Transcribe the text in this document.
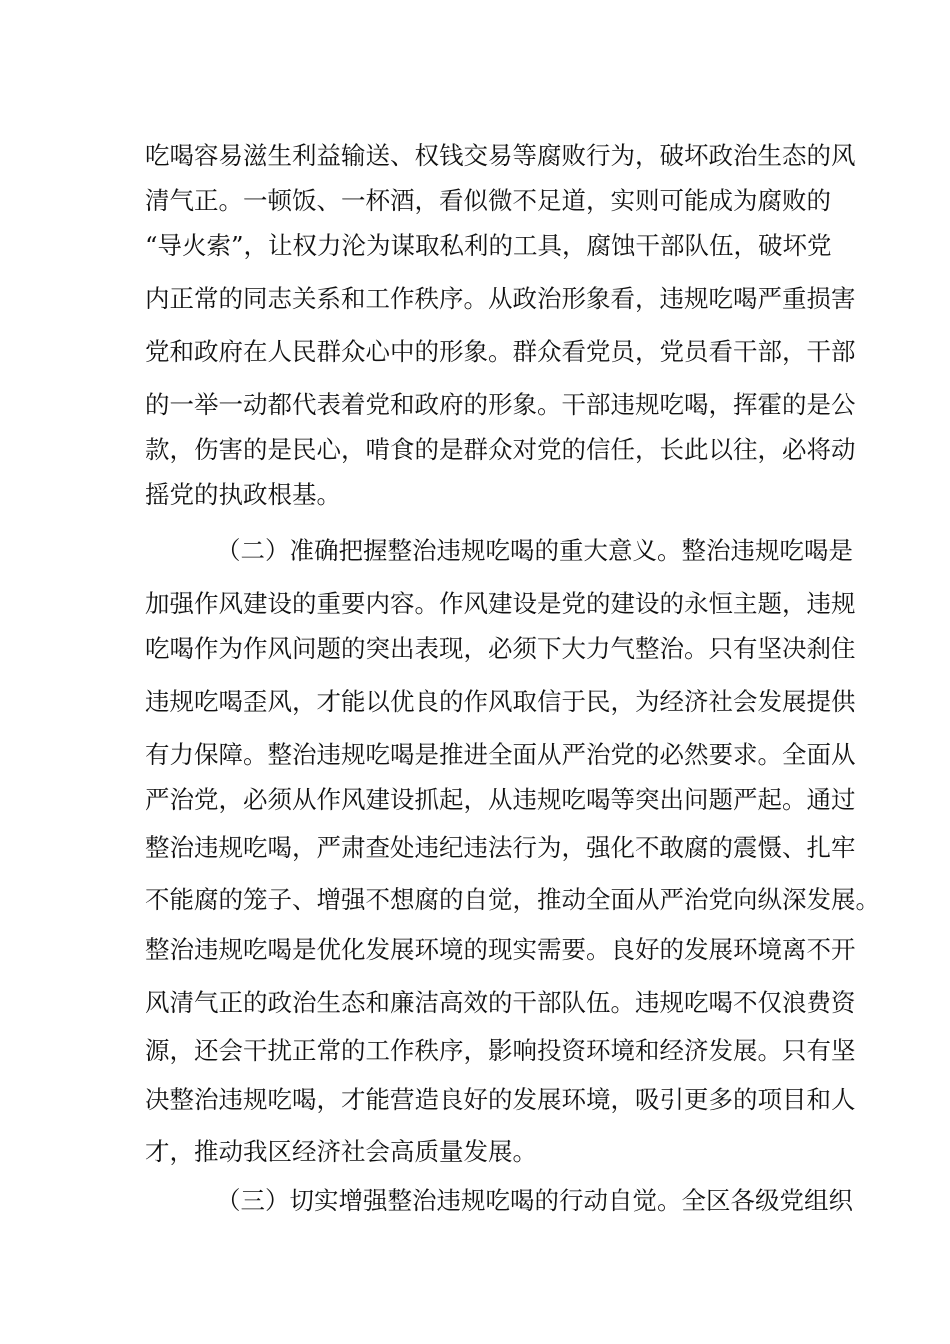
吃喝容易滋生利益输送、权钱交易等腐败行为，破坏政治生态的风
清气正。一顿饭、一杯酒，看似微不足道，实则可能成为腐败的
“导火索”，让权力沦为谋取私利的工具，腐蚀干部队伍，破坏党
内正常的同志关系和工作秩序。从政治形象看，违规吃喝严重损害
党和政府在人民群众心中的形象。群众看党员，党员看干部，干部
的一举一动都代表着党和政府的形象。干部违规吃喝，挥霍的是公
款，伤害的是民心，啃食的是群众对党的信任，长此以往，必将动
摇党的执政根基。
（二）准确把握整治违规吃喝的重大意义。整治违规吃喝是
加强作风建设的重要内容。作风建设是党的建设的永恒主题，违规
吃喝作为作风问题的突出表现，必须下大力气整治。只有坚决刹住
违规吃喝歪风，才能以优良的作风取信于民，为经济社会发展提供
有力保障。整治违规吃喝是推进全面从严治党的必然要求。全面从
严治党，必须从作风建设抓起，从违规吃喝等突出问题严起。通过
整治违规吃喝，严肃查处违纪违法行为，强化不敢腐的震慑、扎牢
不能腐的笼子、增强不想腐的自觉，推动全面从严治党向纵深发展。
整治违规吃喝是优化发展环境的现实需要。良好的发展环境离不开
风清气正的政治生态和廉洁高效的干部队伍。违规吃喝不仅浪费资
源，还会干扰正常的工作秩序，影响投资环境和经济发展。只有坚
决整治违规吃喝，才能营造良好的发展环境，吸引更多的项目和人
才，推动我区经济社会高质量发展。
（三）切实增强整治违规吃喝的行动自觉。全区各级党组织
